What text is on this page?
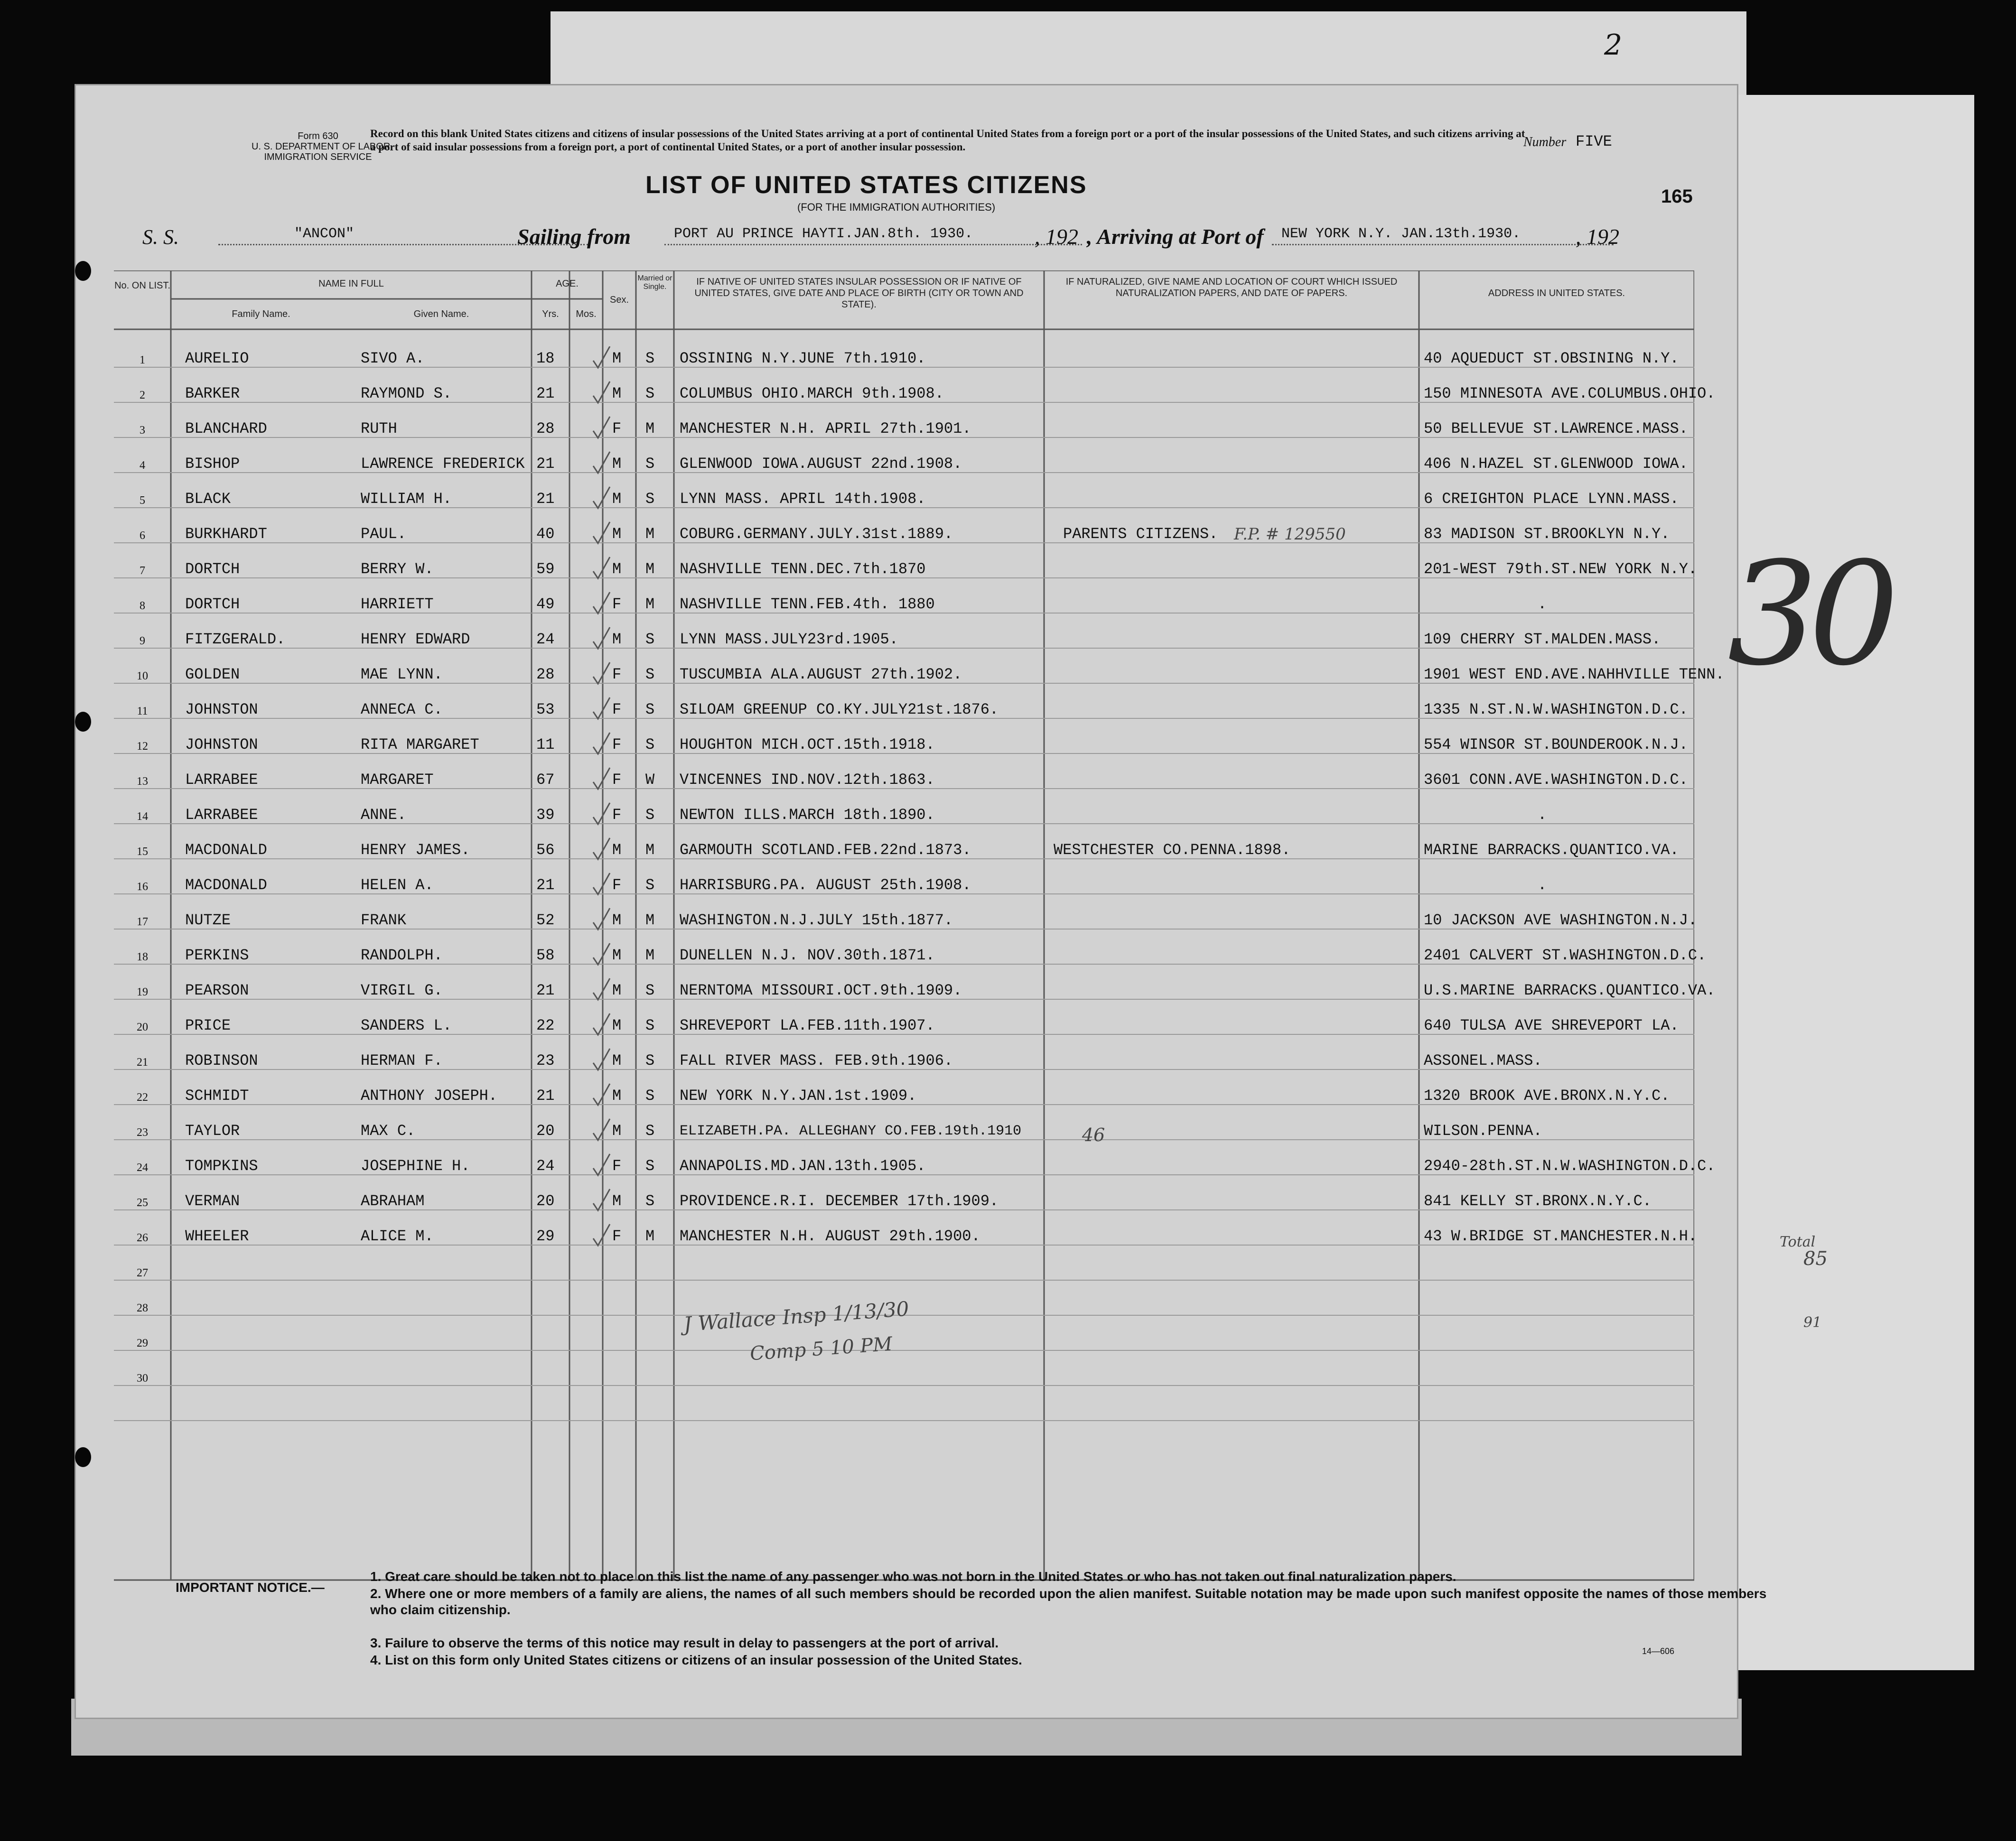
Form 630
U. S. DEPARTMENT OF LABOR
IMMIGRATION SERVICE
Record on this blank United States citizens and citizens of insular possessions of the United States arriving at a port of continental United States from a foreign port or a port of the insular possessions of the United States, and such citizens arriving at a port of said insular possessions from a foreign port, a port of continental United States, or a port of another insular possession.	Number FIVE
LIST OF UNITED STATES CITIZENS
(FOR THE IMMIGRATION AUTHORITIES)
165
S. S.	"ANCON"	Sailing from	PORT AU PRINCE HAYTI.JAN.8th. 1930.	, 192 , Arriving at Port of NEW YORK N.Y. JAN.13th.1930.	, 192
No. ON LIST.	NAME IN FULL
Family Name.	Given Name.
AGE.
Yrs.	Mos.
Sex.
Married or Single.	IF NATIVE OF UNITED STATES INSULAR POSSESSION OR IF NATIVE OF UNITED STATES, GIVE DATE AND PLACE OF BIRTH (CITY OR TOWN AND STATE).
IF NATURALIZED, GIVE NAME AND LOCATION OF COURT WHICH ISSUED NATURALIZATION PAPERS, AND DATE OF PAPERS.	ADDRESS IN UNITED STATES.
1	AURELIO	SIVO A.	18	M S OSSINING N.Y.JUNE 7th.1910.	40 AQUEDUCT ST.OBSINING N.Y.
2	BARKER	RAYMOND S.	21	M S COLUMBUS OHIO.MARCH 9th.1908.	150 MINNESOTA AVE.COLUMBUS.OHIO.
3	BLANCHARD	RUTH	28	F M MANCHESTER N.H. APRIL 27th.1901.	50 BELLEVUE ST.LAWRENCE.MASS.
4	BISHOP	LAWRENCE FREDERICK 21	M S GLENWOOD IOWA.AUGUST 22nd.1908.	406 N.HAZEL ST.GLENWOOD IOWA.
5	BLACK	WILLIAM H.	21	M S LYNN MASS. APRIL 14th.1908.	6 CREIGHTON PLACE LYNN.MASS.
6	BURKHARDT	PAUL.	40	M M COBURG.GERMANY.JULY.31st.1889.	PARENTS CITIZENS.	83 MADISON ST.BROOKLYN N.Y.
7	DORTCH	BERRY W.	59	M M NASHVILLE TENN.DEC.7th.1870	201-WEST 79th.ST.NEW YORK N.Y.
8	DORTCH	HARRIETT	49	F M NASHVILLE TENN.FEB.4th. 1880	.
9	FITZGERALD.	HENRY EDWARD	24	M S LYNN MASS.JULY23rd.1905.	109 CHERRY ST.MALDEN.MASS.
10	GOLDEN	MAE LYNN.	28	F S TUSCUMBIA ALA.AUGUST 27th.1902.	1901 WEST END.AVE.NAHHVILLE TENN.
11	JOHNSTON	ANNECA C.	53	F S SILOAM GREENUP CO.KY.JULY21st.1876.	1335 N.ST.N.W.WASHINGTON.D.C.
12	JOHNSTON	RITA MARGARET	11	F S HOUGHTON MICH.OCT.15th.1918.	554 WINSOR ST.BOUNDEROOK.N.J.
13	LARRABEE	MARGARET	67	F W VINCENNES IND.NOV.12th.1863.	3601 CONN.AVE.WASHINGTON.D.C.
14	LARRABEE	ANNE.	39	F S NEWTON ILLS.MARCH 18th.1890.	.
15	MACDONALD	HENRY JAMES.	56	M M GARMOUTH SCOTLAND.FEB.22nd.1873.	WESTCHESTER CO.PENNA.1898.	MARINE BARRACKS.QUANTICO.VA.
16	MACDONALD	HELEN A.	21	F S HARRISBURG.PA. AUGUST 25th.1908.	.
17	NUTZE	FRANK	52	M M WASHINGTON.N.J.JULY 15th.1877.	10 JACKSON AVE WASHINGTON.N.J.
18	PERKINS	RANDOLPH.	58	M M DUNELLEN N.J. NOV.30th.1871.	2401 CALVERT ST.WASHINGTON.D.C.
19	PEARSON	VIRGIL G.	21	M S NERNTOMA MISSOURI.OCT.9th.1909.	U.S.MARINE BARRACKS.QUANTICO.VA.
20	PRICE	SANDERS L.	22	M S SHREVEPORT LA.FEB.11th.1907.	640 TULSA AVE SHREVEPORT LA.
21	ROBINSON	HERMAN F.	23	M S FALL RIVER MASS. FEB.9th.1906.	ASSONEL.MASS.
22	SCHMIDT	ANTHONY JOSEPH.	21	M S NEW YORK N.Y.JAN.1st.1909.	1320 BROOK AVE.BRONX.N.Y.C.
23	TAYLOR	MAX C.	20	M S ELIZABETH.PA. ALLEGHANY CO.FEB.19th.1910	WILSON.PENNA.
24	TOMPKINS	JOSEPHINE H.	24	F S ANNAPOLIS.MD.JAN.13th.1905.	2940-28th.ST.N.W.WASHINGTON.D.C.
25	VERMAN	ABRAHAM	20	M S PROVIDENCE.R.I. DECEMBER 17th.1909.	841 KELLY ST.BRONX.N.Y.C.
26	WHEELER	ALICE M.	29	F M MANCHESTER N.H. AUGUST 29th.1900.	43 W.BRIDGE ST.MANCHESTER.N.H.
27
28
29
30
F.P. # 129550
46
J Wallace Insp 1/13/30
Comp 5 10 PM
Total
85
91
IMPORTANT NOTICE.—
1. Great care should be taken not to place on this list the name of any passenger who was not born in the United States or who has not taken out final naturalization papers.
2. Where one or more members of a family are aliens, the names of all such members should be recorded upon the alien manifest. Suitable notation may be made upon such manifest opposite the names of those members who claim citizenship.
3. Failure to observe the terms of this notice may result in delay to passengers at the port of arrival.
4. List on this form only United States citizens or citizens of an insular possession of the United States.
14—606
2
30
